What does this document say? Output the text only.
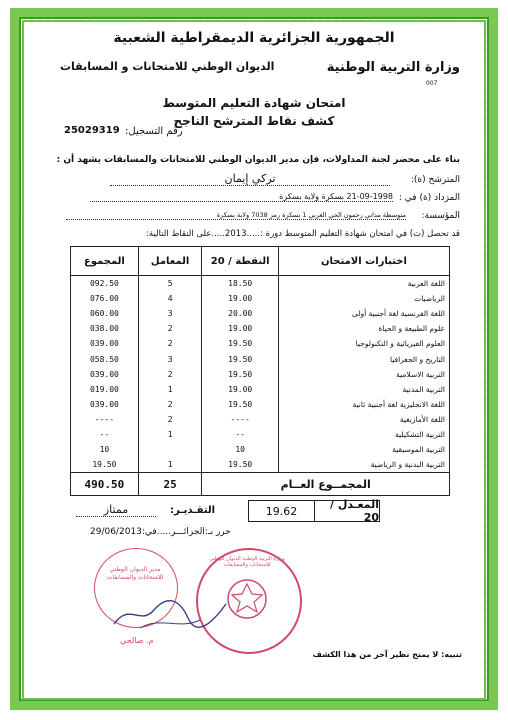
الجمهورية الجزائرية الديمقراطية الشعبية
وزارة التربية الوطنية
الديوان الوطني للامتحانات و المسابقات
007
امتحان شهادة التعليم المتوسط
كشف نقاط المترشح الناجح
رقم التسجيل:
25029319
بناء على محضر لجنة المداولات، فإن مدير الديوان الوطني للامتحانات والمسابقات يشهد أن :
المترشح (ة):
تركي إيمان
المزداد (ة) في :
21-09-1998 بسكرة ولاية بسكرة
المؤسسة:
متوسطة مداني رحمون الحي الغربي 1 بسكرة رمز 7038 ولاية بسكرة
قد تحصل (ت) في امتحان شهادة التعليم المتوسط دورة :.....2013.....على النقاط التالية:
اختبارات الامتحان	النقطة / 20	المعامل	المجموع
اللغة العربية	18.50	5	092.50
الرياضيات	19.00	4	076.00
اللغة الفرنسية لغة أجنبية أولى	20.00	3	060.00
علوم الطبيعة و الحياة	19.00	2	038.00
العلوم الفيزيائية و التكنولوجيا	19.50	2	039.00
التاريخ و الجغرافيا	19.50	3	058.50
التربية الاسلامية	19.50	2	039.00
التربية المدنية	19.00	1	019.00
اللغة الانجليزية لغة أجنبية ثانية	19.50	2	039.00
اللغة الأمازيغية	----	2	----
التربية التشكيلية	--	1	--
التربية الموسيقية	10		10
التربية البدنية و الرياضية	19.50	1	19.50
المجمــوع العــام		25	490.50
المعـدل / 20
19.62
التقـديـر:
ممتاز
حرر بـ:الجزائـــر.....في:29/06/2013
مدير الديوان الوطني للامتحانات والمسابقات
وزارة التربية الوطنية الديوان الوطني للامتحانات والمسابقات
م. صالحي
تنبيه: لا يمنح نظير آخر من هذا الكشف
